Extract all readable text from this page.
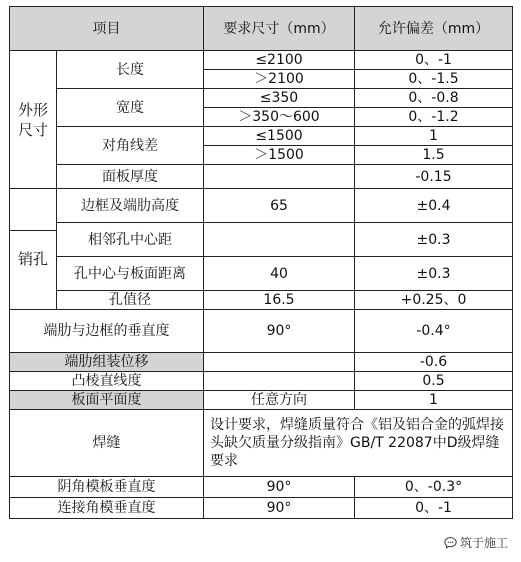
项目		要求尺寸（mm）	允许偏差（mm）
外形尺寸	长度	≤2100	0、-1
		＞2100	0、-1.5
	宽度	≤350	0、-0.8
		＞350～600	0、-1.2
	对角线差	≤1500	1
		＞1500	1.5
	面板厚度		-0.15

销孔	边框及端肋高度	65	±0.4
	相邻孔中心距		±0.3
	孔中心与板面距离	40	±0.3
	孔值径	16.5	+0.25、0
端肋与边框的垂直度		90°	-0.4°
端肋组装位移			-0.6
凸棱直线度			0.5
板面平面度		任意方向	1
焊缝		设计要求，焊缝质量符合《铝及铝合金的弧焊接头缺欠质量分级指南》GB/T 22087中D级焊缝要求	
阴角模板垂直度		90°	0、-0.3°
连接角模垂直度		90°	0、-1
筑于施工
